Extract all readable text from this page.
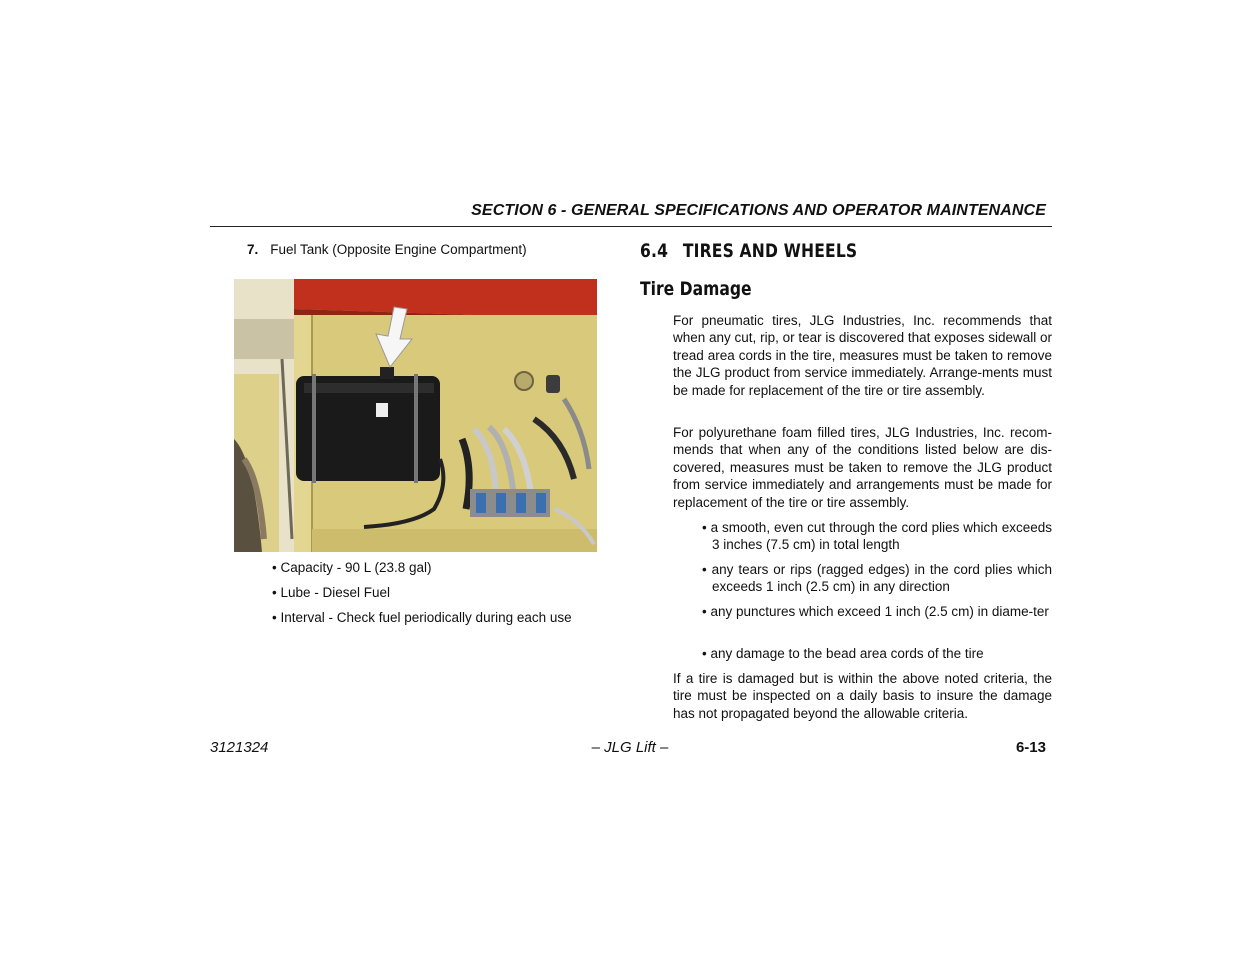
SECTION 6 - GENERAL SPECIFICATIONS AND OPERATOR MAINTENANCE
7. Fuel Tank (Opposite Engine Compartment)
• Capacity - 90 L (23.8 gal)
• Lube - Diesel Fuel
• Interval - Check fuel periodically during each use
6.4 TIRES AND WHEELS
Tire Damage
For pneumatic tires, JLG Industries, Inc. recommends that when any cut, rip, or tear is discovered that exposes sidewall or tread area cords in the tire, measures must be taken to remove the JLG product from service immediately. Arrange-ments must be made for replacement of the tire or tire assembly.
For polyurethane foam filled tires, JLG Industries, Inc. recom-mends that when any of the conditions listed below are dis-covered, measures must be taken to remove the JLG product from service immediately and arrangements must be made for replacement of the tire or tire assembly.
• a smooth, even cut through the cord plies which exceeds 3 inches (7.5 cm) in total length
• any tears or rips (ragged edges) in the cord plies which exceeds 1 inch (2.5 cm) in any direction
• any punctures which exceed 1 inch (2.5 cm) in diame-ter
• any damage to the bead area cords of the tire
If a tire is damaged but is within the above noted criteria, the tire must be inspected on a daily basis to insure the damage has not propagated beyond the allowable criteria.
3121324	– JLG Lift –	6-13
